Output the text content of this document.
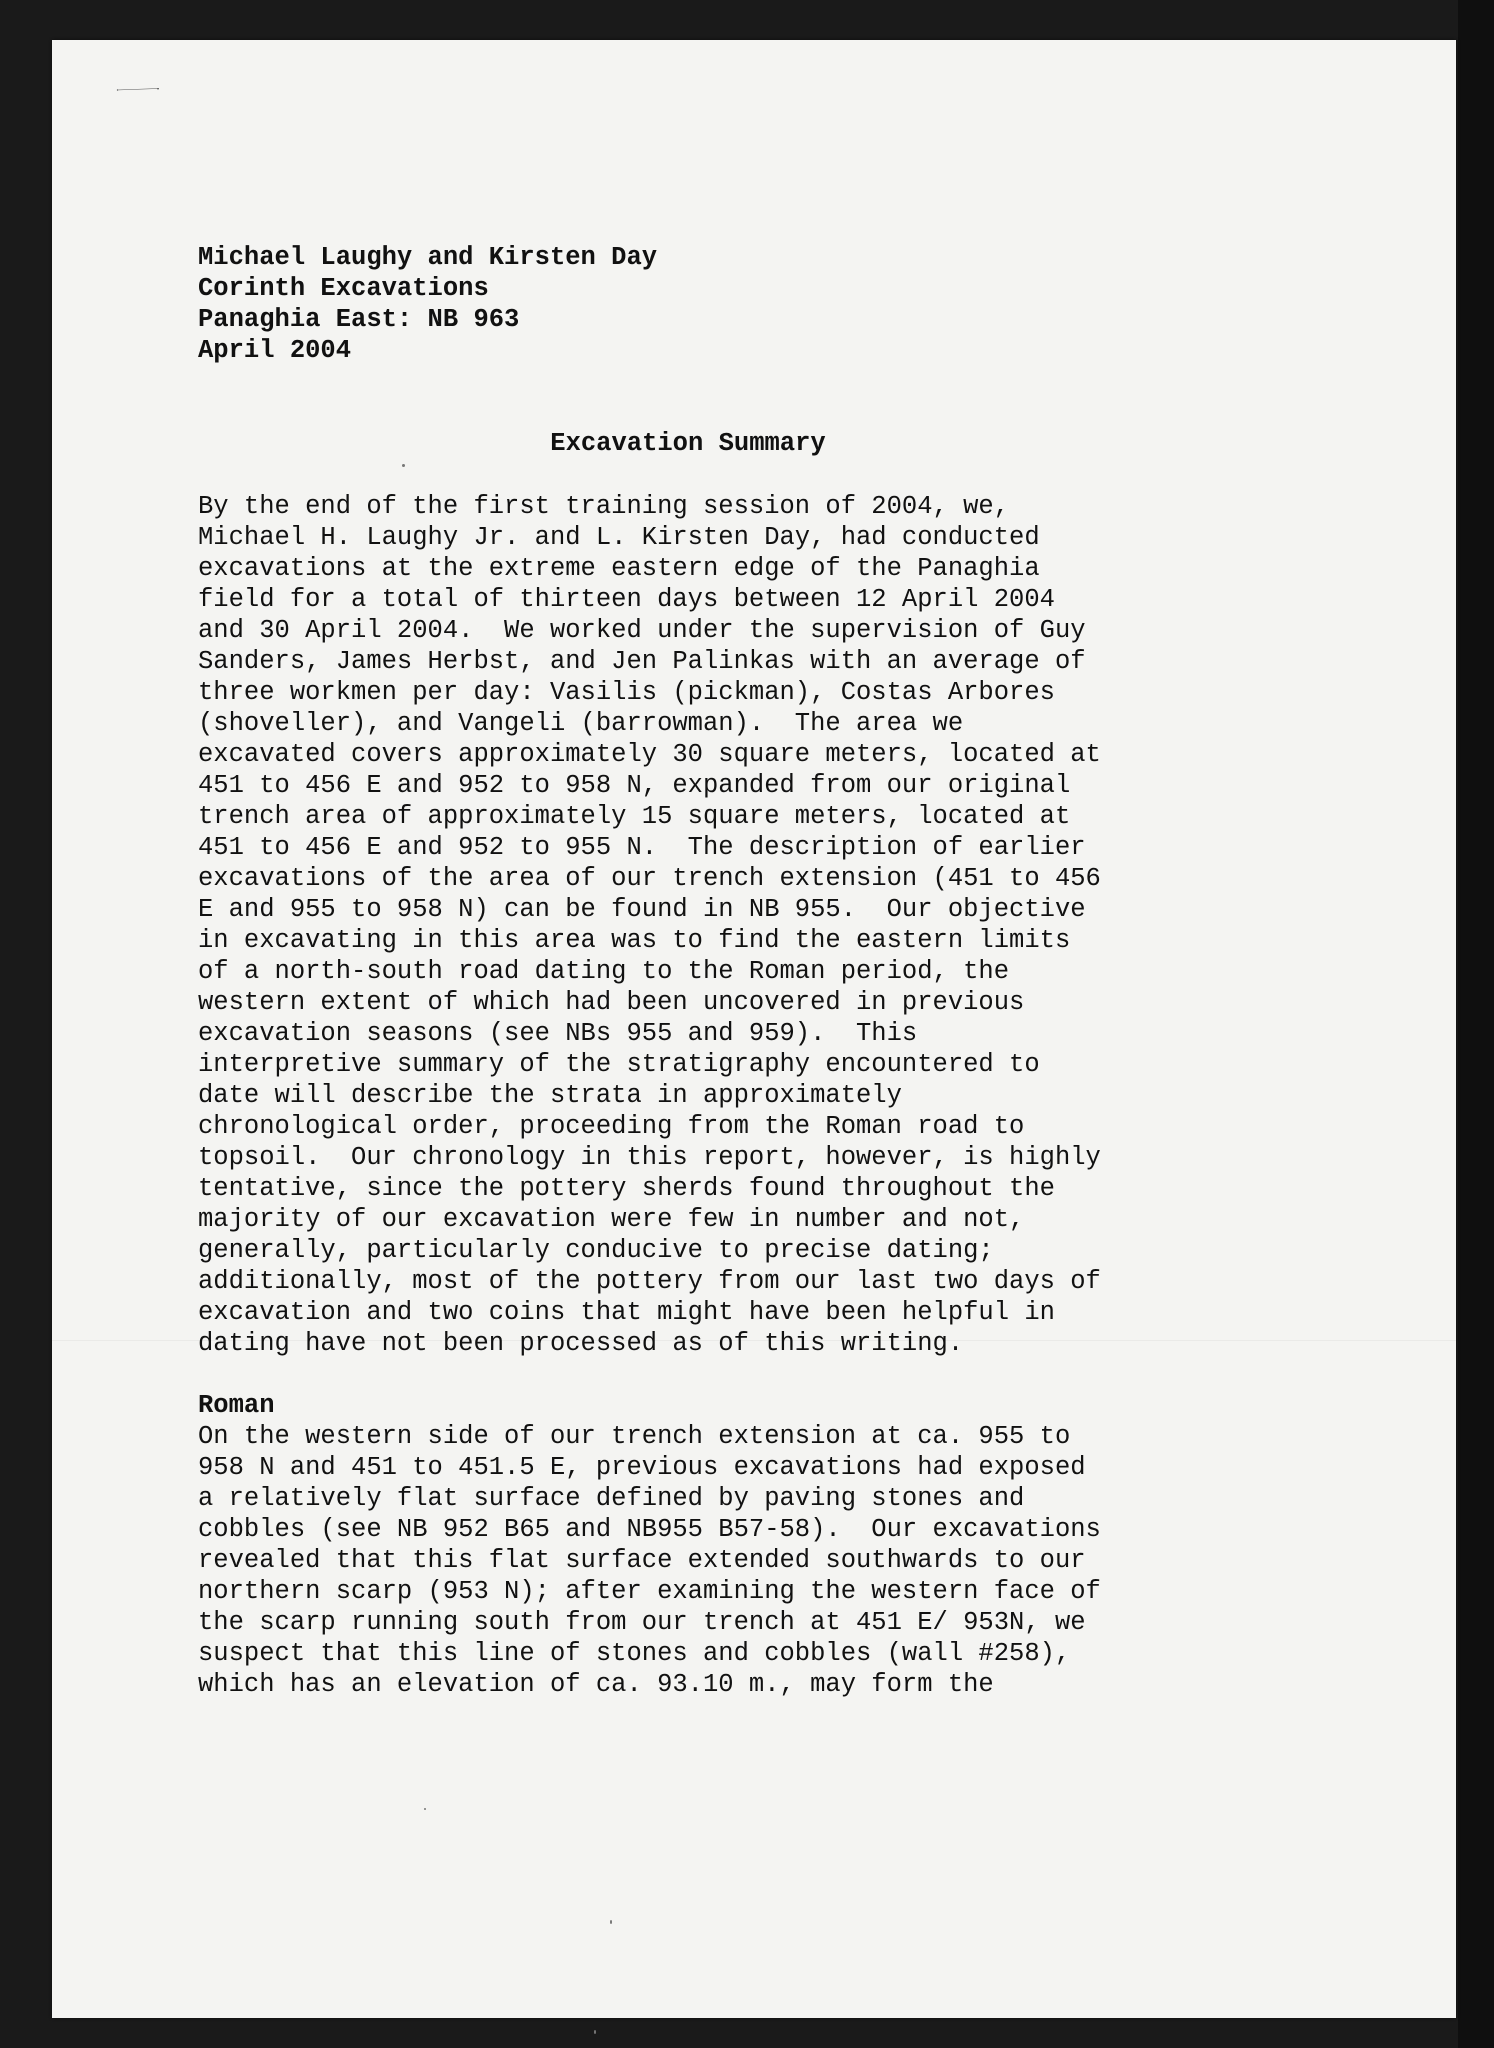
Michael Laughy and Kirsten Day
Corinth Excavations
Panaghia East: NB 963
April 2004
Excavation Summary
By the end of the first training session of 2004, we,
Michael H. Laughy Jr. and L. Kirsten Day, had conducted
excavations at the extreme eastern edge of the Panaghia
field for a total of thirteen days between 12 April 2004
and 30 April 2004.  We worked under the supervision of Guy
Sanders, James Herbst, and Jen Palinkas with an average of
three workmen per day: Vasilis (pickman), Costas Arbores
(shoveller), and Vangeli (barrowman).  The area we
excavated covers approximately 30 square meters, located at
451 to 456 E and 952 to 958 N, expanded from our original
trench area of approximately 15 square meters, located at
451 to 456 E and 952 to 955 N.  The description of earlier
excavations of the area of our trench extension (451 to 456
E and 955 to 958 N) can be found in NB 955.  Our objective
in excavating in this area was to find the eastern limits
of a north-south road dating to the Roman period, the
western extent of which had been uncovered in previous
excavation seasons (see NBs 955 and 959).  This
interpretive summary of the stratigraphy encountered to
date will describe the strata in approximately
chronological order, proceeding from the Roman road to
topsoil.  Our chronology in this report, however, is highly
tentative, since the pottery sherds found throughout the
majority of our excavation were few in number and not,
generally, particularly conducive to precise dating;
additionally, most of the pottery from our last two days of
excavation and two coins that might have been helpful in
dating have not been processed as of this writing.
Roman
On the western side of our trench extension at ca. 955 to
958 N and 451 to 451.5 E, previous excavations had exposed
a relatively flat surface defined by paving stones and
cobbles (see NB 952 B65 and NB955 B57-58).  Our excavations
revealed that this flat surface extended southwards to our
northern scarp (953 N); after examining the western face of
the scarp running south from our trench at 451 E/ 953N, we
suspect that this line of stones and cobbles (wall #258),
which has an elevation of ca. 93.10 m., may form the
